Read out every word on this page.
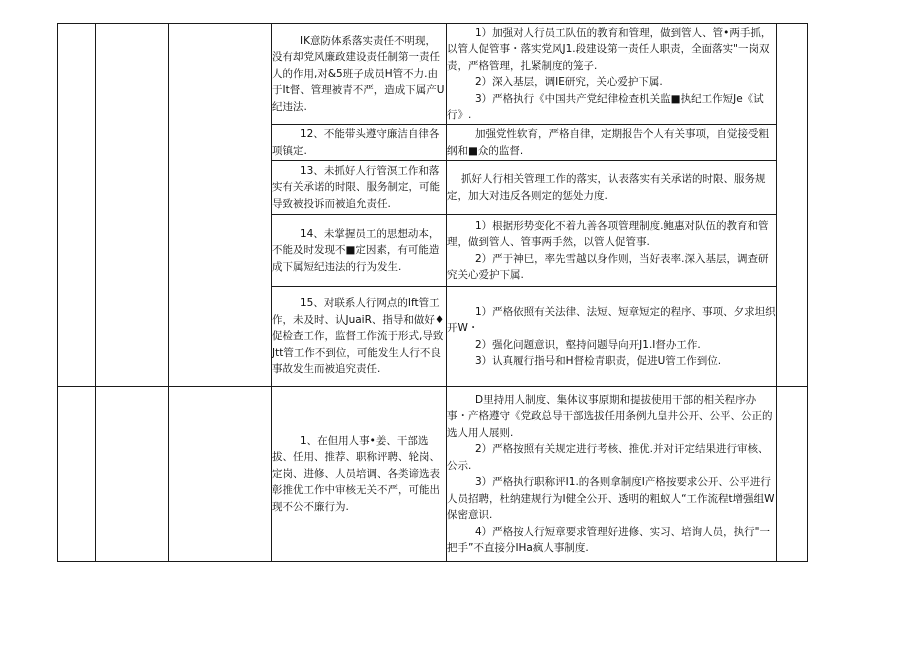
			IK意防体系落实责任不明现，没有却党风廉政建设责任制第一责任人的作用,对&5班子成员H管不力.由于It督、管理被青不严，造成下属产U纪违法.	1）加强对人行员工队伍的教育和管理，做到管人、管•两手抓，以管人促管事・落实党风J1.段建设第一责任人职责，全面落实"一岗双责，严格管理，扎紧制度的笼子.

2）深入基层，调IE研究，关心爱护下属.

3）严格执行《中国共产党纪律检查机关监■执纪工作短Je《试行》.	

			12、不能带头遵守廉洁自律各项镇定.	加强党性软育，严格自律，定期报告个人有关事项，自觉接受粗纲和■众的监督.	

			13、未抓好人行管溟工作和落实有关承诺的时限、服务制定，可能导致被投诉而被追允责任.	抓好人行相关管理工作的落实，认表落实有关承诺的时限、服务规定，加大对违反各则定的惩处力度.	

			14、未掌握员工的思想动本，不能及时发现不■定因素，有可能造成下属短纪违法的行为发生.	1）根据形势变化不着九善各项管理制度.鲍惠对队伍的教育和管理，做到管人、管事两手然，以管人促管事.

2）严于神巳，率先雪越以身作则，当好表率.深入基层，调查研究关心爱护下属.	

			15、对联系人行网点的Ift管工作，未及时、认JuaiR、指导和做好♦促检查工作，监督工作流于形式,导致Jtt管工作不到位，可能发生人行不良事故发生而被追究责任.	1）严格依照有关法律、法短、短章短定的程序、事项、夕求坦织开W・

2）强化问题意识，壑持问题导向开J1.I督办工作.

3）认真履行指号和H督检青职责，促进U管工作到位.	

			1、在但用人事•姜、干部选拔、任用、推荐、职称评聘、轮岗、定岗、进修、人员培调、各类谛选表彰推优工作中审核无关不严，可能出现不公不廉行为.	D里持用人制度、集体议事原期和提拔使用干部的相关程序办事・产格遵守《党政总导干部选拔任用条例九皇井公开、公平、公正的选人用人展则.

2）严格按照有关规定进行考核、推优.并对讦定结果进行审核、公示.

3）严格执行职称评I1.的各则拿制度I产格按要求公开、公平进行人员招聘，杜纳建规行为I健全公开、透明的粗蚁人“工作流程t增强组W保密意识.

4）严格按人行短章要求管理好进修、实习、培询人员，执行"一把手”不直接分IHa疯人事制度.	
